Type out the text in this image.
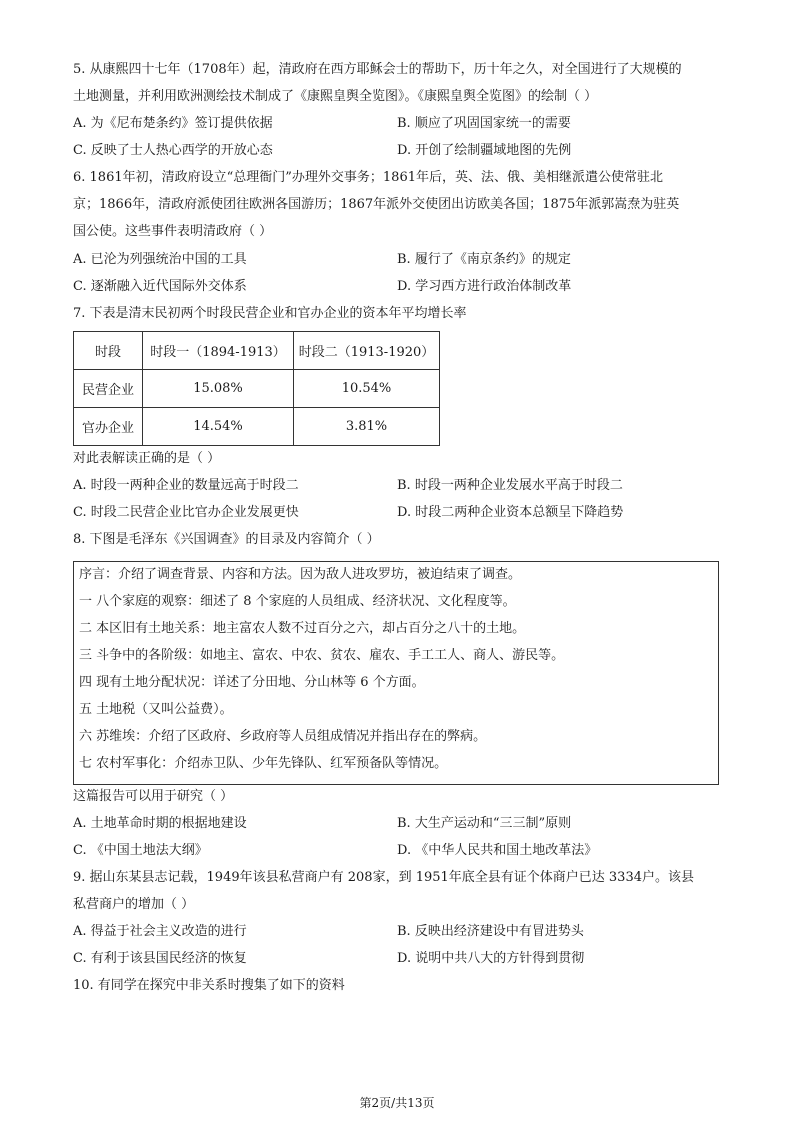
5. 从康熙四十七年（1708年）起，清政府在西方耶稣会士的帮助下，历十年之久，对全国进行了大规模的
土地测量，并利用欧洲测绘技术制成了《康熙皇舆全览图》。《康熙皇舆全览图》的绘制（ ）
A. 为《尼布楚条约》签订提供依据	B. 顺应了巩固国家统一的需要
C. 反映了士人热心西学的开放心态	D. 开创了绘制疆域地图的先例
6. 1861年初，清政府设立“总理衙门”办理外交事务；1861年后，英、法、俄、美相继派遣公使常驻北
京；1866年，清政府派使团往欧洲各国游历；1867年派外交使团出访欧美各国；1875年派郭嵩焘为驻英
国公使。这些事件表明清政府（ ）
A. 已沦为列强统治中国的工具	B. 履行了《南京条约》的规定
C. 逐渐融入近代国际外交体系	D. 学习西方进行政治体制改革
7. 下表是清末民初两个时段民营企业和官办企业的资本年平均增长率
时段	时段一（1894-1913）	时段二（1913-1920）
民营企业	15.08%	10.54%
官办企业	14.54%	3.81%
对此表解读正确的是（ ）
A. 时段一两种企业的数量远高于时段二	B. 时段一两种企业发展水平高于时段二
C. 时段二民营企业比官办企业发展更快	D. 时段二两种企业资本总额呈下降趋势
8. 下图是毛泽东《兴国调查》的目录及内容简介（ ）
序言：介绍了调查背景、内容和方法。因为敌人进攻罗坊，被迫结束了调查。
一 八个家庭的观察：细述了 8 个家庭的人员组成、经济状况、文化程度等。
二 本区旧有土地关系：地主富农人数不过百分之六，却占百分之八十的土地。
三 斗争中的各阶级：如地主、富农、中农、贫农、雇农、手工工人、商人、游民等。
四 现有土地分配状况：详述了分田地、分山林等 6 个方面。
五 土地税（又叫公益费）。
六 苏维埃：介绍了区政府、乡政府等人员组成情况并指出存在的弊病。
七 农村军事化：介绍赤卫队、少年先锋队、红军预备队等情况。
这篇报告可以用于研究（ ）
A. 土地革命时期的根据地建设	B. 大生产运动和“三三制”原则
C. 《中国土地法大纲》	D. 《中华人民共和国土地改革法》
9. 据山东某县志记载，1949年该县私营商户有 208家，到 1951年底全县有证个体商户已达 3334户。该县
私营商户的增加（ ）
A. 得益于社会主义改造的进行	B. 反映出经济建设中有冒进势头
C. 有利于该县国民经济的恢复	D. 说明中共八大的方针得到贯彻
10. 有同学在探究中非关系时搜集了如下的资料
第2页/共13页
